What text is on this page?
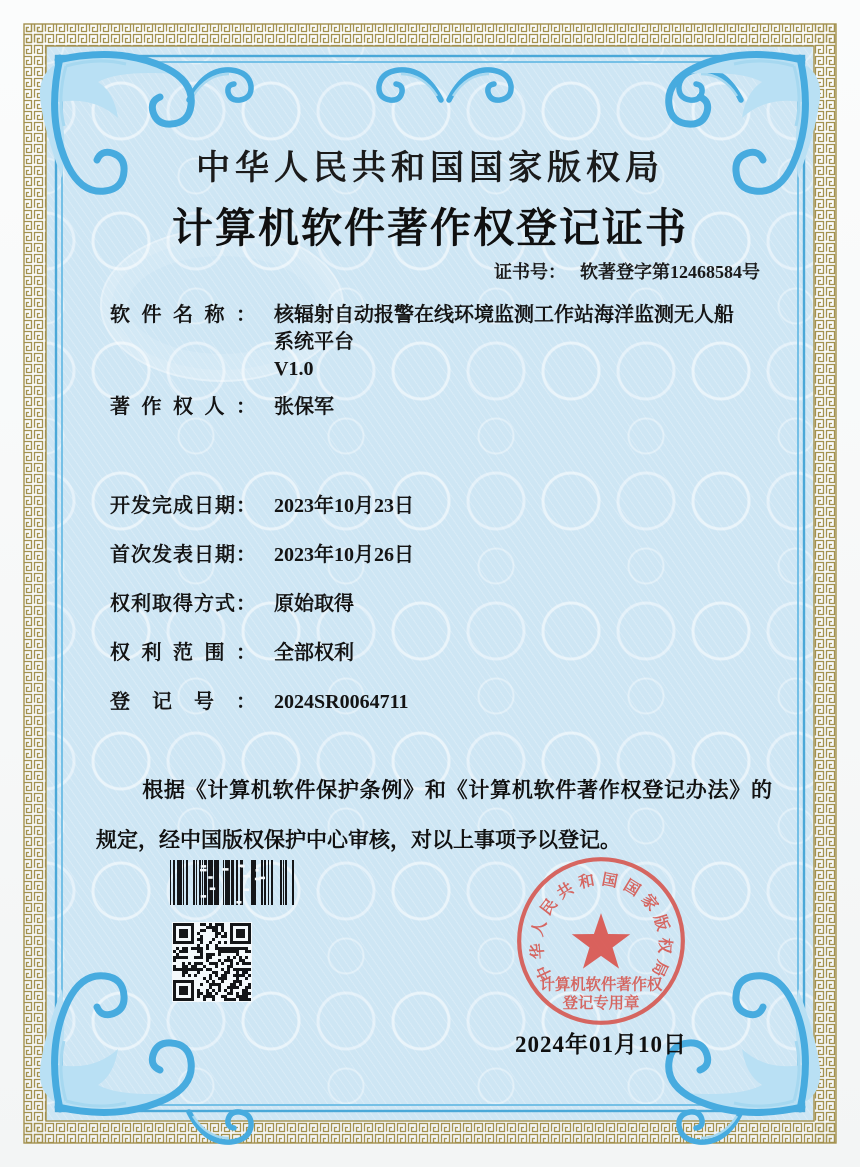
中华人民共和国国家版权局
计算机软件著作权登记证书
证书号： 软著登字第12468584号
软件名称： 核辐射自动报警在线环境监测工作站海洋监测无人船
系统平台
V1.0
著作权人： 张保军
开发完成日期： 2023年10月23日
首次发表日期： 2023年10月26日
权利取得方式： 原始取得
权利范围： 全部权利
登记号： 2024SR0064711

根据《计算机软件保护条例》和《计算机软件著作权登记办法》的规定，经中国版权保护中心审核，对以上事项予以登记。

中华人民共和国国家版权局
计算机软件著作权
登记专用章
2024年01月10日
